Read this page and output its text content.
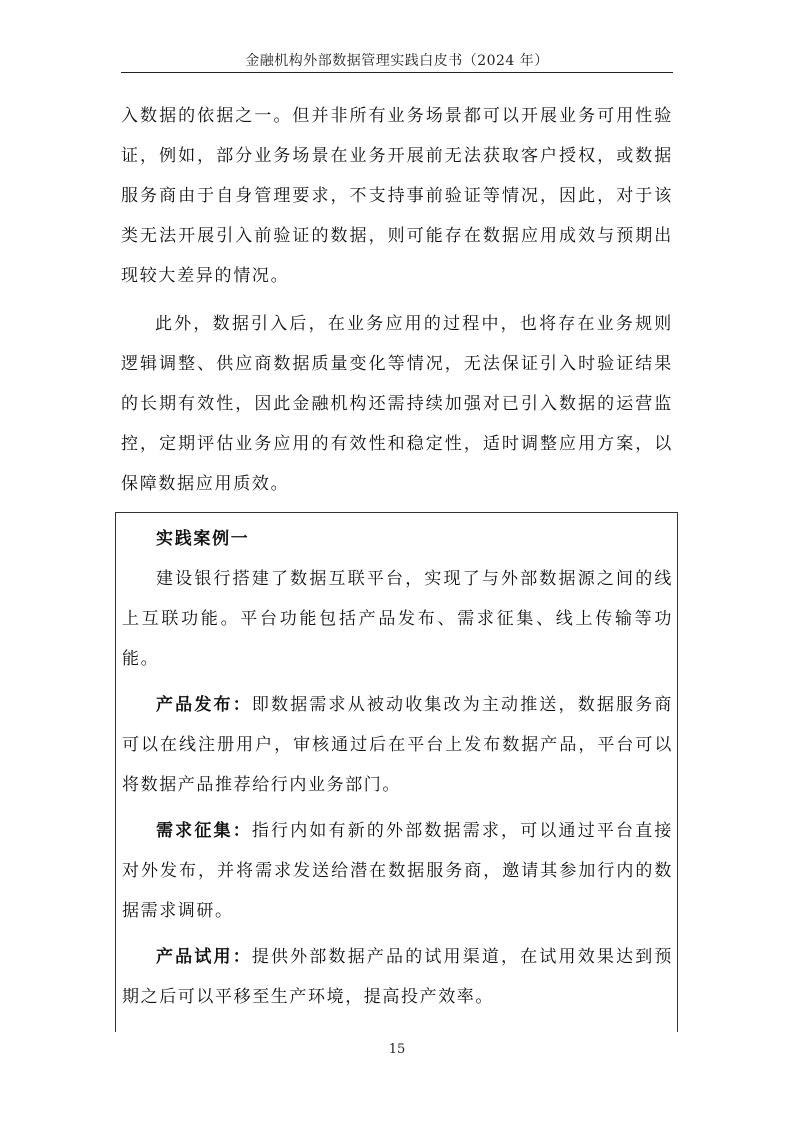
金融机构外部数据管理实践白皮书（2024 年）

入数据的依据之一。但并非所有业务场景都可以开展业务可用性验证，例如，部分业务场景在业务开展前无法获取客户授权，或数据服务商由于自身管理要求，不支持事前验证等情况，因此，对于该类无法开展引入前验证的数据，则可能存在数据应用成效与预期出现较大差异的情况。

此外，数据引入后，在业务应用的过程中，也将存在业务规则逻辑调整、供应商数据质量变化等情况，无法保证引入时验证结果的长期有效性，因此金融机构还需持续加强对已引入数据的运营监控，定期评估业务应用的有效性和稳定性，适时调整应用方案，以保障数据应用质效。

实践案例一

建设银行搭建了数据互联平台，实现了与外部数据源之间的线上互联功能。平台功能包括产品发布、需求征集、线上传输等功能。

产品发布：即数据需求从被动收集改为主动推送，数据服务商可以在线注册用户，审核通过后在平台上发布数据产品，平台可以将数据产品推荐给行内业务部门。

需求征集：指行内如有新的外部数据需求，可以通过平台直接对外发布，并将需求发送给潜在数据服务商，邀请其参加行内的数据需求调研。

产品试用：提供外部数据产品的试用渠道，在试用效果达到预期之后可以平移至生产环境，提高投产效率。

15
